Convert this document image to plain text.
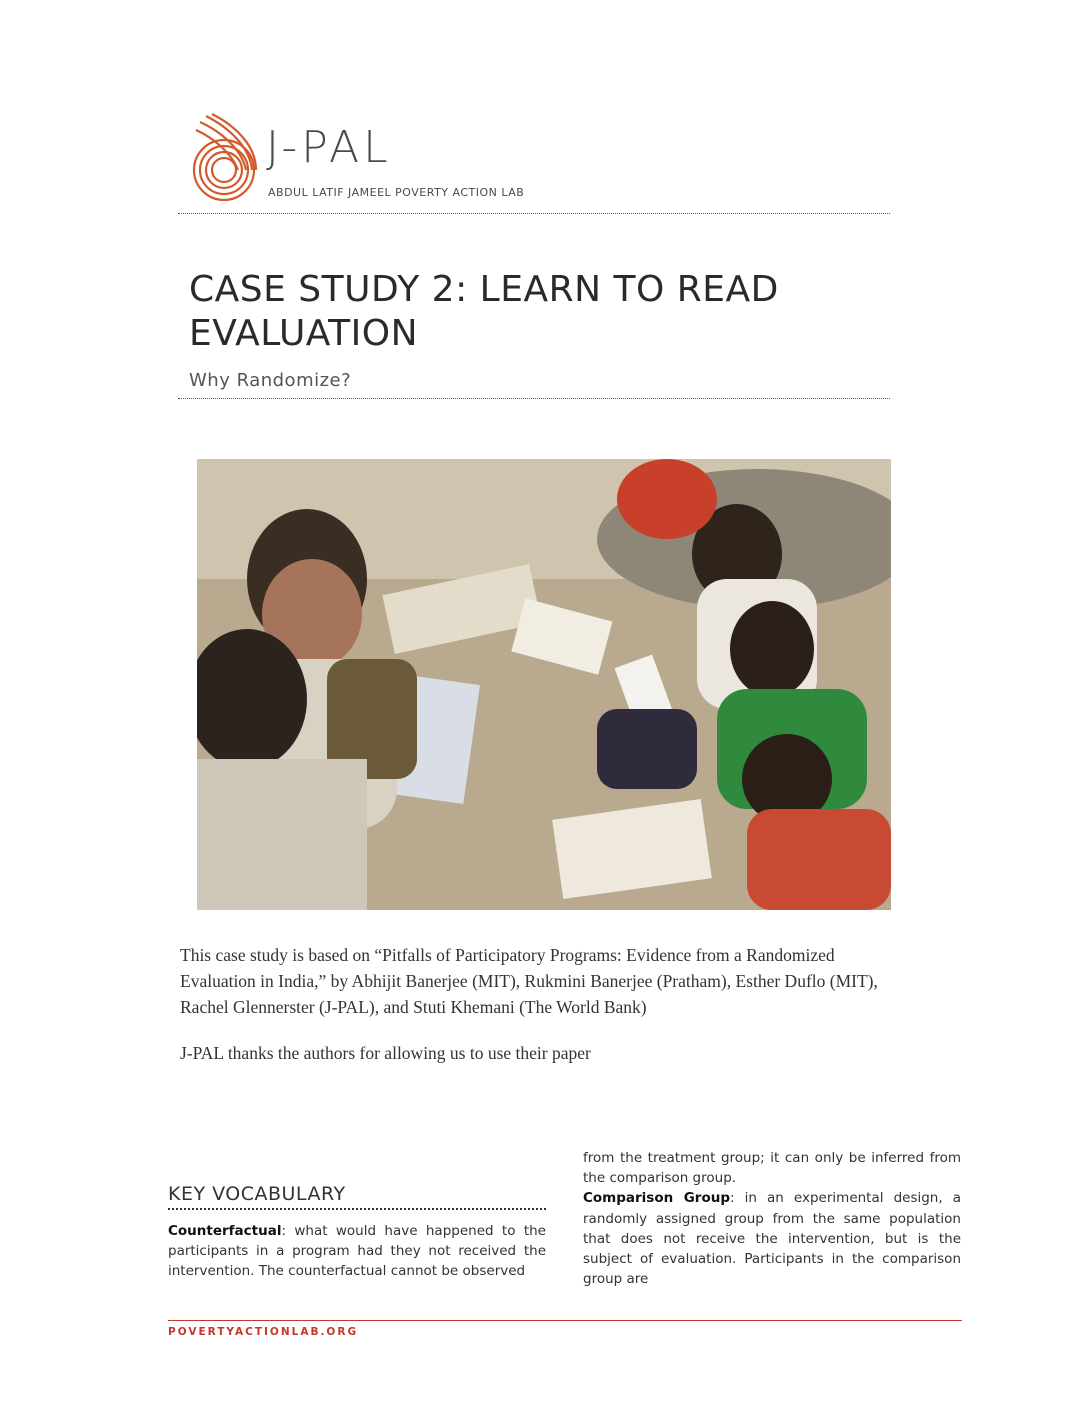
J-PAL
ABDUL LATIF JAMEEL POVERTY ACTION LAB
CASE STUDY 2: LEARN TO READ EVALUATION
Why Randomize?

This case study is based on “Pitfalls of Participatory Programs: Evidence from a Randomized Evaluation in India,” by Abhijit Banerjee (MIT), Rukmini Banerjee (Pratham), Esther Duflo (MIT), Rachel Glennerster (J-PAL), and Stuti Khemani (The World Bank)

J-PAL thanks the authors for allowing us to use their paper

KEY VOCABULARY
Counterfactual: what would have happened to the participants in a program had they not received the intervention. The counterfactual cannot be observed
from the treatment group; it can only be inferred from the comparison group.
Comparison Group: in an experimental design, a randomly assigned group from the same population that does not receive the intervention, but is the subject of evaluation. Participants in the comparison group are
POVERTYACTIONLAB.ORG
